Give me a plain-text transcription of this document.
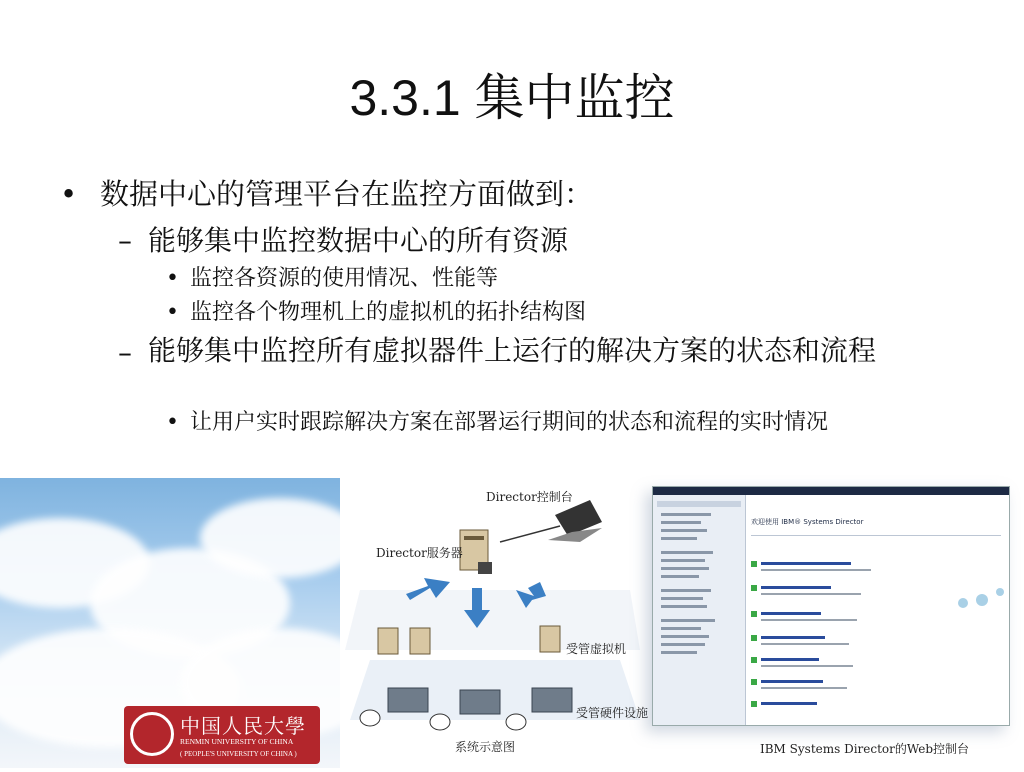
3.3.1 集中监控
• 数据中心的管理平台在监控方面做到：
– 能够集中监控数据中心的所有资源
• 监控各资源的使用情况、性能等
• 监控各个物理机上的虚拟机的拓扑结构图
– 能够集中监控所有虚拟器件上运行的解决方案的状态和流程
• 让用户实时跟踪解决方案在部署运行期间的状态和流程的实时情况
中国人民大學
RENMIN UNIVERSITY OF CHINA
( PEOPLE'S UNIVERSITY OF CHINA )
Director控制台
Director服务器
受管虚拟机
受管硬件设施
系统示意图
欢迎使用 IBM® Systems Director
IBM Systems Director的Web控制台
